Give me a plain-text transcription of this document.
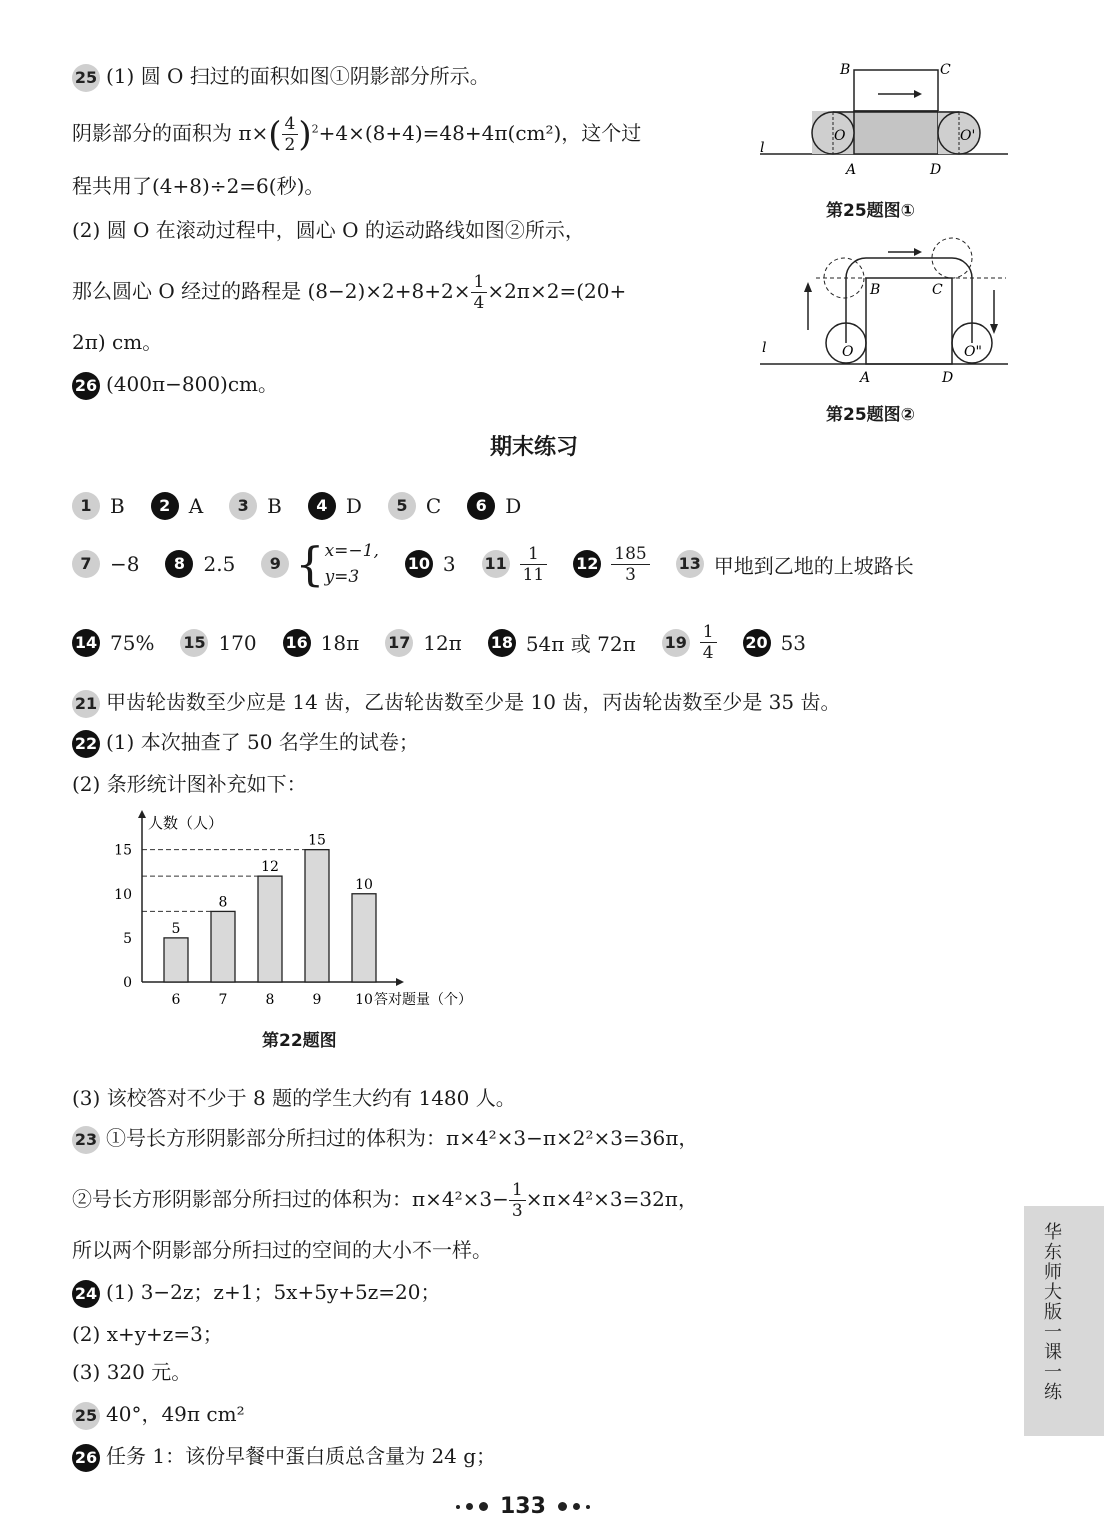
25 (1) 圆 O 扫过的面积如图①阴影部分所示。
阴影部分的面积为 $\pi\times( \frac{4}{2} )^2+4\times(8+4)=48+4\pi(cm^2)$，这个过
程共用了(4+8)÷2=6(秒)。
(2) 圆 O 在滚动过程中，圆心 O 的运动路线如图②所示，
那么圆心 O 经过的路程是 $(8-2)\times 2+8+2\times \frac{1}{4} \times 2\pi\times 2=(20+$
2π) cm。
26 (400π−800)cm。
B	C
A	D
O	O'
l
第25题图①
B	C
A	D
O	O"
l
第25题图②
期末练习
1 B	2 A	3 B	4 D	5 C	6 D
7 −8	8 2.5	9 { x=−1,
y=3
10 3 $11 \frac{1}{11} 12 \frac{185}{3} 13$ 甲地到乙地的上坡路长
14 75% 15 170 16 18π 17 12π 18 54π 或 72π $19 \frac{1}{4} 20$ 53
21 甲齿轮齿数至少应是 14 齿，乙齿轮齿数至少是 10 齿，丙齿轮齿数至少是 35 齿。
22 (1) 本次抽查了 50 名学生的试卷；
(2) 条形统计图补充如下：
人数（人）
0
5
10
15
5
6
8
7
12
8
15
9
10
10 答对题量（个）
第22题图
(3) 该校答对不少于 8 题的学生大约有 1480 人。
23 ①号长方形阴影部分所扫过的体积为：π×4²×3−π×2²×3=36π，
②号长方形阴影部分所扫过的体积为：$\pi\times 4^2\times 3- \frac{1}{3} \times\pi\times 4^2\times 3=32\pi$，
所以两个阴影部分所扫过的空间的大小不一样。
24 (1) 3−2z；z+1；5x+5y+5z=20；
(2) x+y+z=3；
(3) 320 元。
25 40°，49π cm²
26 任务 1：该份早餐中蛋白质总含量为 24 g；
华东师大版一课一练
133
